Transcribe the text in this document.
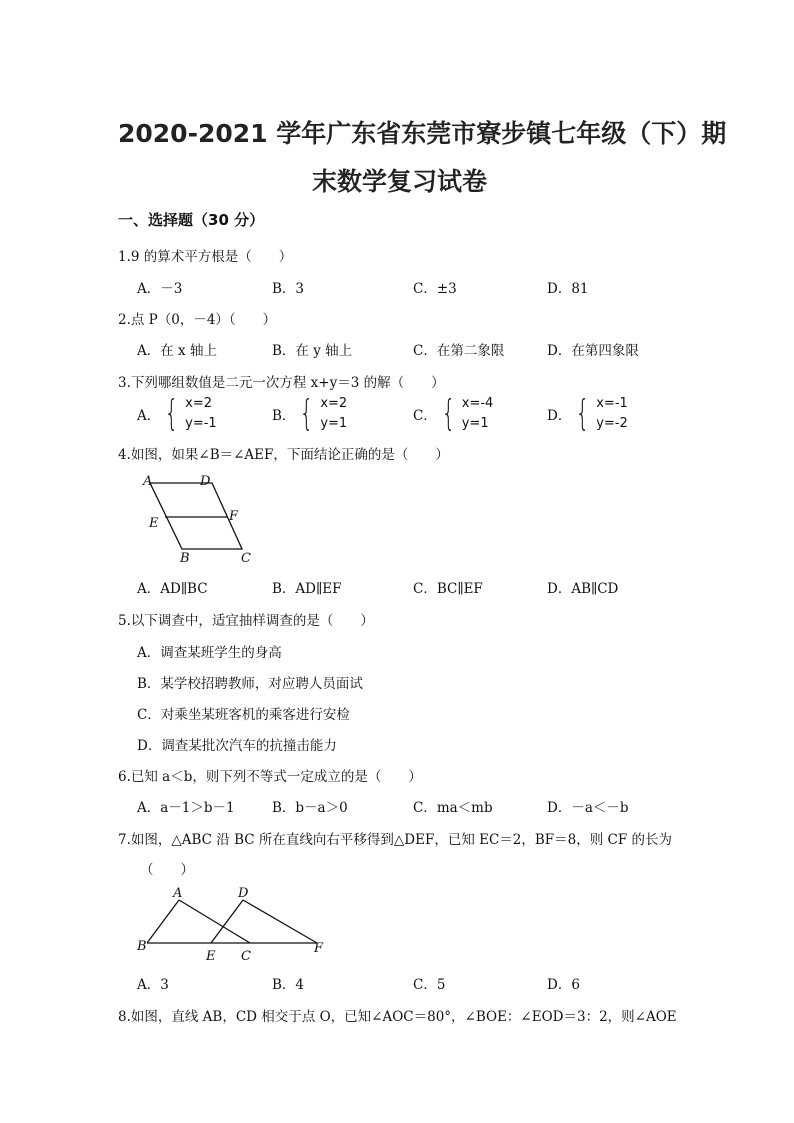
2020-2021 学年广东省东莞市寮步镇七年级（下）期
末数学复习试卷
一、选择题（30 分）
1.9 的算术平方根是（　　）
A．－3	B．3	C．±3	D．81
2.点 P（0，－4）（　　）
A．在 x 轴上	B．在 y 轴上	C．在第二象限	D．在第四象限
3.下列哪组数值是二元一次方程 x+y＝3 的解（　　）
A． { x=2
y=-1	B． { x=2
y=1	C． { x=-4
y=1	D． { x=-1
y=-2
4.如图，如果∠B＝∠AEF，下面结论正确的是（　　）
A	D
E	F
B	C
A．AD∥BC	B．AD∥EF	C．BC∥EF	D．AB∥CD
5.以下调查中，适宜抽样调查的是（　　）
A．调查某班学生的身高
B．某学校招聘教师，对应聘人员面试
C．对乘坐某班客机的乘客进行安检
D．调查某批次汽车的抗撞击能力
6.已知 a＜b，则下列不等式一定成立的是（　　）
A．a－1＞b－1	B．b－a＞0	C．ma＜mb	D．－a＜－b
7.如图，△ABC 沿 BC 所在直线向右平移得到△DEF，已知 EC＝2，BF＝8，则 CF 的长为
（　　）
A	D
B
E C
F
A．3	B．4	C．5	D．6
8.如图，直线 AB，CD 相交于点 O，已知∠AOC＝80°，∠BOE：∠EOD＝3：2，则∠AOE
